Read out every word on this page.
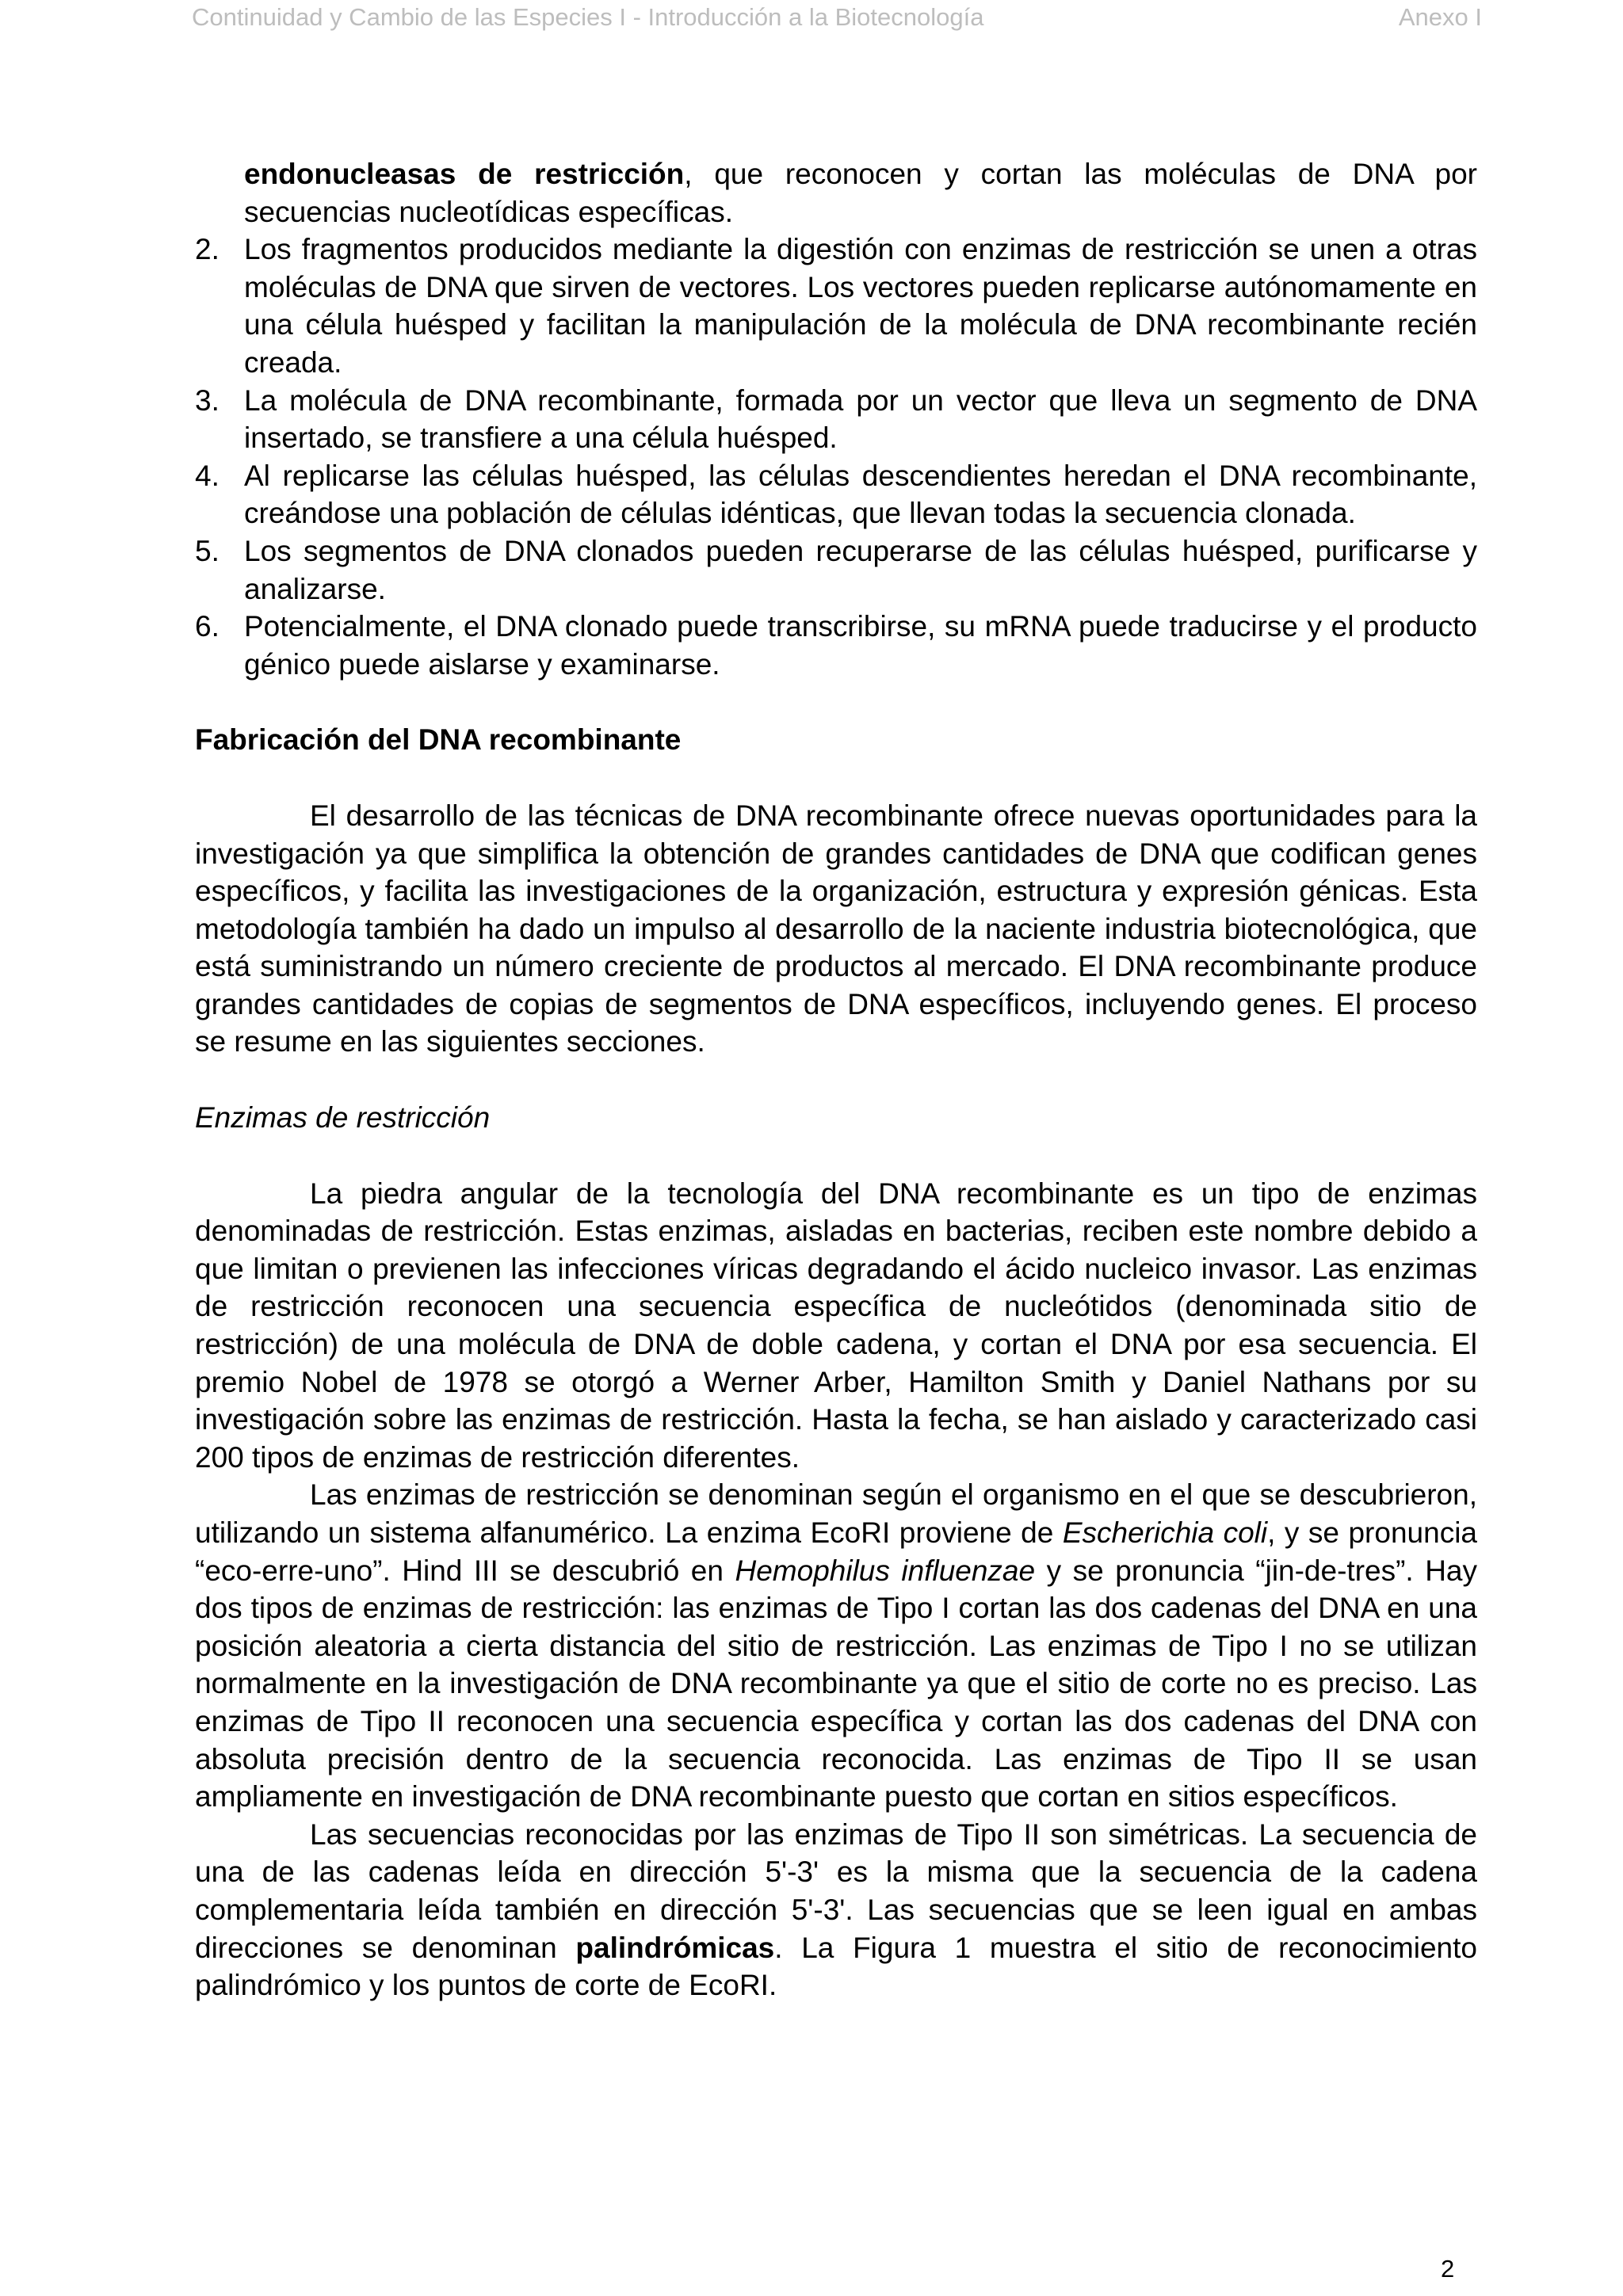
Continuidad y Cambio de las Especies I - Introducción a la Biotecnología	Anexo I
endonucleasas de restricción, que reconocen y cortan las moléculas de DNA por secuencias nucleotídicas específicas.
2. Los fragmentos producidos mediante la digestión con enzimas de restricción se unen a otras moléculas de DNA que sirven de vectores. Los vectores pueden replicarse autónomamente en una célula huésped y facilitan la manipulación de la molécula de DNA recombinante recién creada.
3. La molécula de DNA recombinante, formada por un vector que lleva un segmento de DNA insertado, se transfiere a una célula huésped.
4. Al replicarse las células huésped, las células descendientes heredan el DNA recombinante, creándose una población de células idénticas, que llevan todas la secuencia clonada.
5. Los segmentos de DNA clonados pueden recuperarse de las células huésped, purificarse y analizarse.
6. Potencialmente, el DNA clonado puede transcribirse, su mRNA puede traducirse y el producto génico puede aislarse y examinarse.
Fabricación del DNA recombinante

El desarrollo de las técnicas de DNA recombinante ofrece nuevas oportunidades para la investigación ya que simplifica la obtención de grandes cantidades de DNA que codifican genes específicos, y facilita las investigaciones de la organización, estructura y expresión génicas. Esta metodología también ha dado un impulso al desarrollo de la naciente industria biotecnológica, que está suministrando un número creciente de productos al mercado. El DNA recombinante produce grandes cantidades de copias de segmentos de DNA específicos, incluyendo genes. El proceso se resume en las siguientes secciones.

Enzimas de restricción

La piedra angular de la tecnología del DNA recombinante es un tipo de enzimas denominadas de restricción. Estas enzimas, aisladas en bacterias, reciben este nombre debido a que limitan o previenen las infecciones víricas degradando el ácido nucleico invasor. Las enzimas de restricción reconocen una secuencia específica de nucleótidos (denominada sitio de restricción) de una molécula de DNA de doble cadena, y cortan el DNA por esa secuencia. El premio Nobel de 1978 se otorgó a Werner Arber, Hamilton Smith y Daniel Nathans por su investigación sobre las enzimas de restricción. Hasta la fecha, se han aislado y caracterizado casi 200 tipos de enzimas de restricción diferentes.

Las enzimas de restricción se denominan según el organismo en el que se descubrieron, utilizando un sistema alfanumérico. La enzima EcoRI proviene de Escherichia coli, y se pronuncia “eco-erre-uno”. Hind III se descubrió en Hemophilus influenzae y se pronuncia “jin-de-tres”. Hay dos tipos de enzimas de restricción: las enzimas de Tipo I cortan las dos cadenas del DNA en una posición aleatoria a cierta distancia del sitio de restricción. Las enzimas de Tipo I no se utilizan normalmente en la investigación de DNA recombinante ya que el sitio de corte no es preciso. Las enzimas de Tipo II reconocen una secuencia específica y cortan las dos cadenas del DNA con absoluta precisión dentro de la secuencia reconocida. Las enzimas de Tipo II se usan ampliamente en investigación de DNA recombinante puesto que cortan en sitios específicos.

Las secuencias reconocidas por las enzimas de Tipo II son simétricas. La secuencia de una de las cadenas leída en dirección 5'-3' es la misma que la secuencia de la cadena complementaria leída también en dirección 5'-3'. Las secuencias que se leen igual en ambas direcciones se denominan palindrómicas. La Figura 1 muestra el sitio de reconocimiento palindrómico y los puntos de corte de EcoRI.

2
